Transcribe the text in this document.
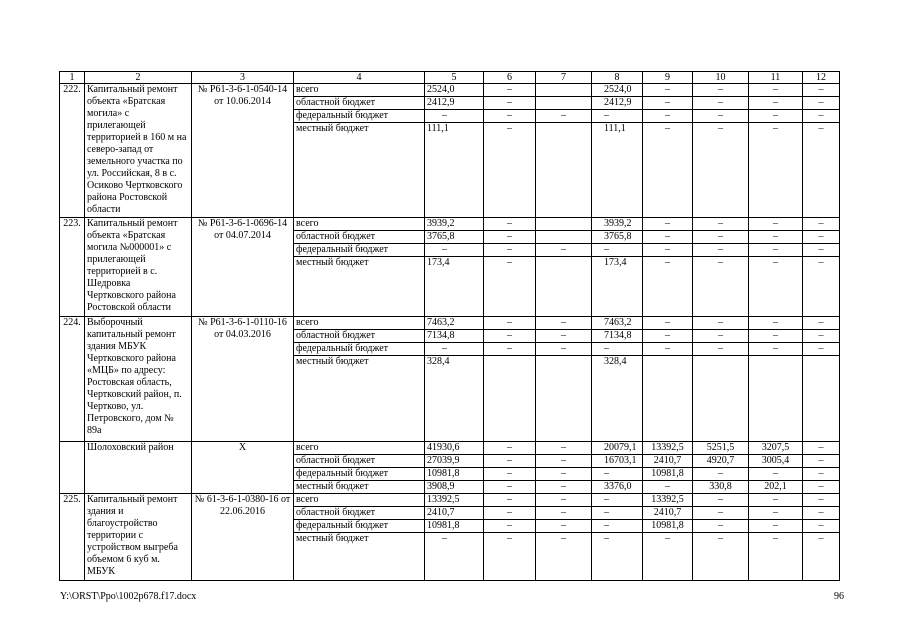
1	2	3	4	5	6	7	8	9	10	11	12
222.	Капитальный ремонт объекта «Братская могила» с прилегающей территорией в 160 м на северо-запад от земельного участка по ул. Российская, 8 в с. Осиково Чертковского района Ростовской области	№ Р61-3-6-1-0540-14 от 10.06.2014	всего	2524,0	–		2524,0	–	–	–	–
			областной бюджет	2412,9	–		2412,9	–	–	–	–
			федеральный бюджет	–	–	–	–	–	–	–	–
			местный бюджет	111,1	–		111,1	–	–	–	–
223.	Капитальный ремонт объекта «Братская могила №000001» с прилегающей территорией в с. Шедровка Чертковского района Ростовской области	№ Р61-3-6-1-0696-14 от 04.07.2014	всего	3939,2	–		3939,2	–	–	–	–
			областной бюджет	3765,8	–		3765,8	–	–	–	–
			федеральный бюджет	–	–	–	–	–	–	–	–
			местный бюджет	173,4	–		173,4	–	–	–	–
224.	Выборочный капитальный ремонт здания МБУК Чертковского района «МЦБ» по адресу: Ростовская область, Чертковский район, п. Чертково, ул. Петровского, дом № 89а	№ Р61-3-6-1-0110-16 от 04.03.2016	всего	7463,2	–	–	7463,2	–	–	–	–
			областной бюджет	7134,8	–	–	7134,8	–	–	–	–
			федеральный бюджет	–	–	–	–	–	–	–	–
			местный бюджет	328,4			328,4				
	Шолоховский район	Х	всего	41930,6	–	–	20079,1	13392,5	5251,5	3207,5	–
			областной бюджет	27039,9	–	–	16703,1	2410,7	4920,7	3005,4	–
			федеральный бюджет	10981,8	–	–	–	10981,8	–	–	–
			местный бюджет	3908,9	–	–	3376,0	–	330,8	202,1	–
225.	Капитальный ремонт здания и благоустройство территории с устройством выгреба объемом 6 куб м. МБУК	№ 61-3-6-1-0380-16 от 22.06.2016	всего	13392,5	–	–	–	13392,5	–	–	–
			областной бюджет	2410,7	–	–	–	2410,7	–	–	–
			федеральный бюджет	10981,8	–	–	–	10981,8	–	–	–
			местный бюджет	–	–	–	–	–	–	–	–
Y:\ORST\Ppo\1002p678.f17.docx	96
